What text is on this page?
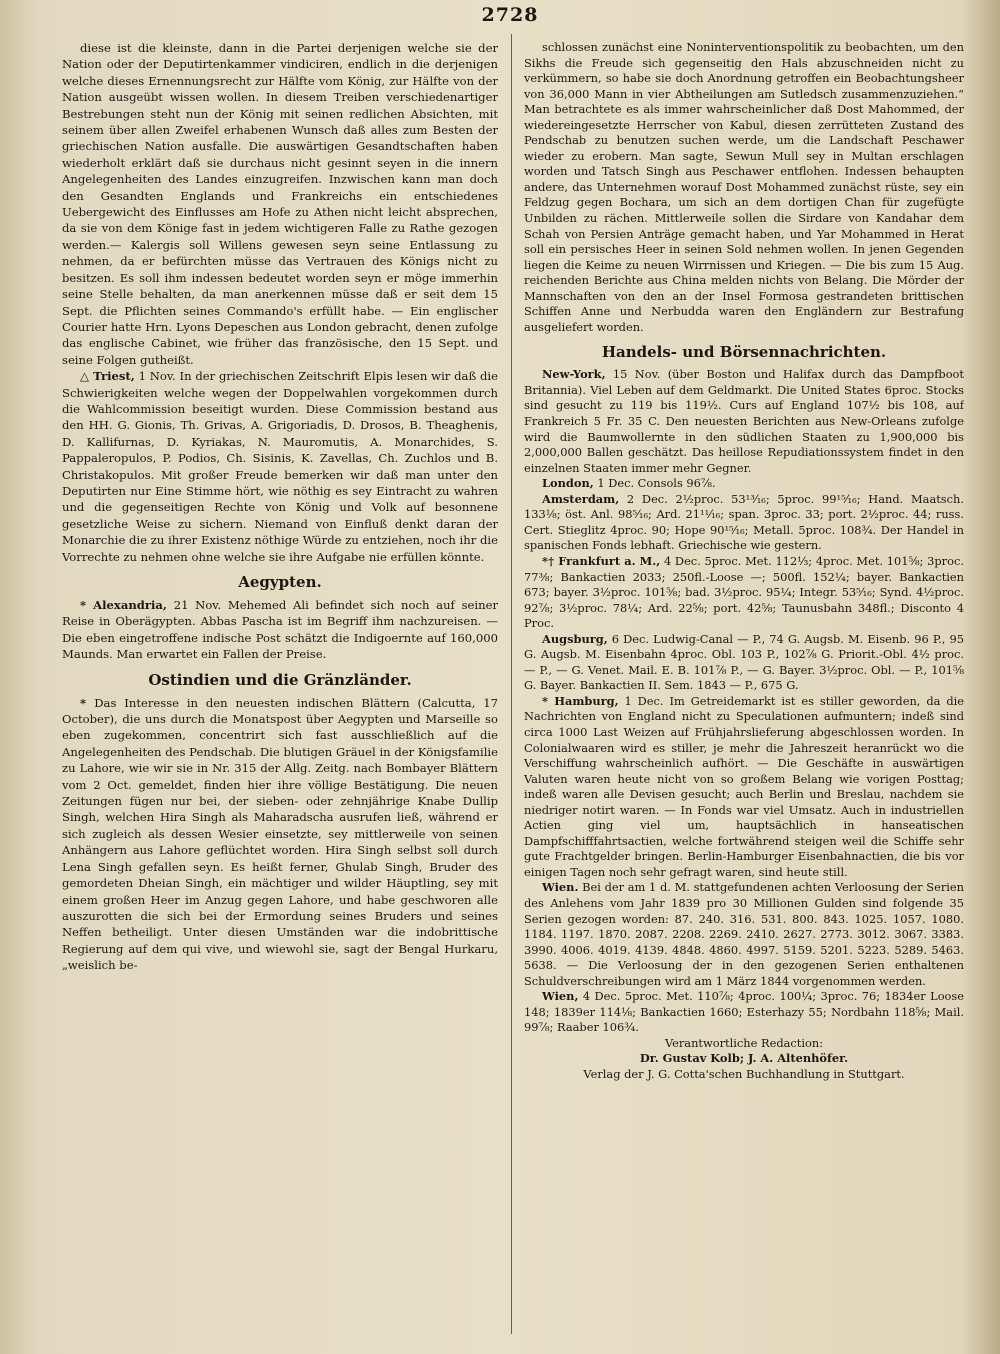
2728

diese ist die kleinste, dann in die Partei derjenigen welche sie der Nation oder der Deputirtenkammer vindiciren, endlich in die derjenigen welche dieses Ernennungsrecht zur Hälfte vom König, zur Hälfte von der Nation ausgeübt wissen wollen. In diesem Treiben verschiedenartiger Bestrebungen steht nun der König mit seinen redlichen Absichten, mit seinem über allen Zweifel erhabenen Wunsch daß alles zum Besten der griechischen Nation ausfalle. Die auswärtigen Gesandtschaften haben wiederholt erklärt daß sie durchaus nicht gesinnt seyen in die innern Angelegenheiten des Landes einzugreifen. Inzwischen kann man doch den Gesandten Englands und Frankreichs ein entschiedenes Uebergewicht des Einflusses am Hofe zu Athen nicht leicht absprechen, da sie von dem Könige fast in jedem wichtigeren Falle zu Rathe gezogen werden.— Kalergis soll Willens gewesen seyn seine Entlassung zu nehmen, da er befürchten müsse das Vertrauen des Königs nicht zu besitzen. Es soll ihm indessen bedeutet worden seyn er möge immerhin seine Stelle behalten, da man anerkennen müsse daß er seit dem 15 Sept. die Pflichten seines Commando's erfüllt habe. — Ein englischer Courier hatte Hrn. Lyons Depeschen aus London gebracht, denen zufolge das englische Cabinet, wie früher das französische, den 15 Sept. und seine Folgen gutheißt.

△ Triest, 1 Nov. In der griechischen Zeitschrift Elpis lesen wir daß die Schwierigkeiten welche wegen der Doppelwahlen vorgekommen durch die Wahlcommission beseitigt wurden. Diese Commission bestand aus den HH. G. Gionis, Th. Grivas, A. Grigoriadis, D. Drosos, B. Theagheni​s, D. Kallifurnas, D. Kyriakas, N. Mauromutis, A. Monarchides, S. Pappaleropulos, P. Podios, Ch. Sisinis, K. Zavellas, Ch. Zuchlos und B. Christakopulos. Mit großer Freude bemerken wir daß man unter den Deputirten nur Eine Stimme hört, wie nöthig es sey Eintracht zu wahren und die gegenseitigen Rechte von König und Volk auf besonnene gesetzliche Weise zu sichern. Niemand von Einfluß denkt daran der Monarchie die zu ihrer Existenz nöthige Würde zu entziehen, noch ihr die Vorrechte zu nehmen ohne welche sie ihre Aufgabe nie erfüllen könnte.

Aegypten.

* Alexandria, 21 Nov. Mehemed Ali befindet sich noch auf seiner Reise in Oberägypten. Abbas Pascha ist im Begriff ihm nachzureisen. — Die eben eingetroffene indische Post schätzt die Indigoernte auf 160,000 Maunds. Man erwartet ein Fallen der Preise.

Ostindien und die Gränzländer.

* Das Interesse in den neuesten indischen Blättern (Calcutta, 17 October), die uns durch die Monatspost über Aegypten und Marseille so eben zugekommen, concentrirt sich fast ausschließlich auf die Angelegenheiten des Pendschab. Die blutigen Gräuel in der Königsfamilie zu Lahore, wie wir sie in Nr. 315 der Allg. Zeitg. nach Bombayer Blättern vom 2 Oct. gemeldet, finden hier ihre völlige Bestätigung. Die neuen Zeitungen fügen nur bei, der sieben- oder zehnjährige Knabe Dullip Singh, welchen Hira Singh als Maharadscha ausrufen ließ, während er sich zugleich als dessen Wesier einsetzte, sey mittlerweile von seinen Anhängern aus Lahore geflüchtet worden. Hira Singh selbst soll durch Lena Singh gefallen seyn. Es heißt ferner, Ghulab Singh, Bruder des gemordeten Dheian Singh, ein mächtiger und wilder Häuptling, sey mit einem großen Heer im Anzug gegen Lahore, und habe geschworen alle auszurotten die sich bei der Ermordung seines Bruders und seines Neffen betheiligt. Unter diesen Umständen war die indobrittische Regierung auf dem qui vive, und wiewohl sie, sagt der Bengal Hurkaru, „weislich be-

schlossen zunächst eine Noninterventionspolitik zu beobachten, um den Sikhs die Freude sich gegenseitig den Hals abzuschneiden nicht zu verkümmern, so habe sie doch Anordnung getroffen ein Beobachtungsheer von 36,000 Mann in vier Abtheilungen am Sutledsch zusammenzuziehen.“ Man betrachtete es als immer wahrscheinlicher daß Dost Mahommed, der wiedereingesetzte Herrscher von Kabul, diesen zerrütteten Zustand des Pendschab zu benutzen suchen werde, um die Landschaft Peschawer wieder zu erobern. Man sagte, Sewun Mull sey in Multan erschlagen worden und Tatsch Singh aus Peschawer entflohen. Indessen behaupten andere, das Unternehmen worauf Dost Mohammed zunächst rüste, sey ein Feldzug gegen Bochara, um sich an dem dortigen Chan für zugefügte Unbilden zu rächen. Mittlerweile sollen die Sirdare von Kandahar dem Schah von Persien Anträge gemacht haben, und Yar Mohammed in Herat soll ein persisches Heer in seinen Sold nehmen wollen. In jenen Gegenden liegen die Keime zu neuen Wirrnissen und Kriegen. — Die bis zum 15 Aug. reichenden Berichte aus China melden nichts von Belang. Die Mörder der Mannschaften von den an der Insel Formosa gestrandeten brittischen Schiffen Anne und Nerbudda waren den Engländern zur Bestrafung ausgeliefert worden.

Handels- und Börsennachrichten.

New-York, 15 Nov. (über Boston und Halifax durch das Dampfboot Britannia). Viel Leben auf dem Geldmarkt. Die United States 6proc. Stocks sind gesucht zu 119 bis 119½. Curs auf England 107½ bis 108, auf Frankreich 5 Fr. 35 C. Den neuesten Berichten aus New-Orleans zufolge wird die Baumwollernte in den südlichen Staaten zu 1,900,000 bis 2,000,000 Ballen geschätzt. Das heillose Repudiationssystem findet in den einzelnen Staaten immer mehr Gegner.

London, 1 Dec. Consols 96⅞.

Amsterdam, 2 Dec. 2½proc. 53¹³⁄₁₆; 5proc. 99¹⁵⁄₁₆; Hand. Maatsch. 133⅛; öst. Anl. 98⁵⁄₁₆; Ard. 21¹¹⁄₁₆; span. 3proc. 33; port. 2½proc. 44; russ. Cert. Stieglitz 4proc. 90; Hope 90¹⁵⁄₁₆; Metall. 5proc. 108¾. Der Handel in spanischen Fonds lebhaft. Griechische wie gestern.

*† Frankfurt a. M., 4 Dec. 5proc. Met. 112⅓; 4proc. Met. 101⅝; 3proc. 77⅜; Bankactien 2033; 250fl.-Loose —; 500fl. 152¼; bayer. Bankactien 673; bayer. 3½proc. 101⅝; bad. 3½proc. 95¼; Integr. 53⁵⁄₁₆; Synd. 4½proc. 92⅞; 3½proc. 78¼; Ard. 22⅝; port. 42⅝; Taunusbahn 348fl.; Disconto 4 Proc.

Augsburg, 6 Dec. Ludwig-Canal — P., 74 G. Augsb. M. Eisenb. 96 P., 95 G. Augsb. M. Eisenbahn 4proc. Obl. 103 P., 102⅞ G. Priorit.-Obl. 4½ proc. — P., — G. Venet. Mail. E. B. 101⅞ P., — G. Bayer. 3½proc. Obl. — P., 101⅝ G. Bayer. Bankactien II. Sem. 1843 — P., 675 G.

* Hamburg, 1 Dec. Im Getreidemarkt ist es stiller geworden, da die Nachrichten von England nicht zu Speculationen aufmuntern; indeß sind circa 1000 Last Weizen auf Frühjahrslieferung abgeschlossen worden. In Colonialwaaren wird es stiller, je mehr die Jahreszeit heranrückt wo die Verschiffung wahrscheinlich aufhört. — Die Geschäfte in auswärtigen Valuten waren heute nicht von so großem Belang wie vorigen Posttag; indeß waren alle Devisen gesucht; auch Berlin und Breslau, nachdem sie niedriger notirt waren. — In Fonds war viel Umsatz. Auch in industriellen Actien ging viel um, hauptsächlich in hanseatischen Dampfschifffahrtsactien, welche fortwährend steigen weil die Schiffe sehr gute Frachtgelder bringen. Berlin-Hamburger Eisenbahnactien, die bis vor einigen Tagen noch sehr gefragt waren, sind heute still.

Wien. Bei der am 1 d. M. stattgefundenen achten Verloosung der Serien des Anlehens vom Jahr 1839 pro 30 Millionen Gulden sind folgende 35 Serien gezogen worden: 87. 240. 316. 531. 800. 843. 1025. 1057. 1080. 1184. 1197. 1870. 2087. 2208. 2269. 2410. 2627. 2773. 3012. 3067. 3383. 3990. 4006. 4019. 4139. 4848. 4860. 4997. 5159. 5201. 5223. 5289. 5463. 5638. — Die Verloosung der in den gezogenen Serien enthaltenen Schuldverschreibungen wird am 1 März 1844 vorgenommen werden.

Wien, 4 Dec. 5proc. Met. 110⅞; 4proc. 100¼; 3proc. 76; 1834er Loose 148; 1839er 114⅛; Bankactien 1660; Esterhazy 55; Nordbahn 118⅝; Mail. 99⅞; Raaber 106¾.

Verantwortliche Redaction:

Dr. Gustav Kolb; J. A. Altenhöfer.

Verlag der J. G. Cotta'schen Buchhandlung in Stuttgart.
